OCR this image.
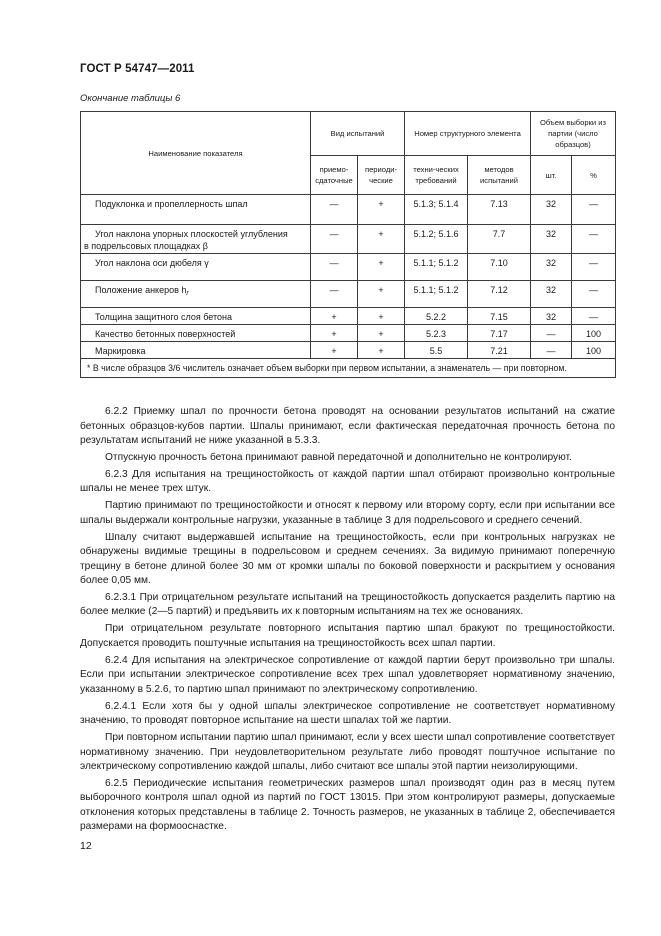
ГОСТ Р 54747—2011
Окончание таблицы 6
Наименование показателя	Вид испытаний		Номер структурного элемента		Объем выборки из партии (число образцов)	
	приемо-сдаточные	периоди-ческие	техни-ческих требований	методов испытаний	шт.	%
Подуклонка и пропеллерность шпал	—	+	5.1.3; 5.1.4	7.13	32	—

Угол наклона упорных плоскостей углубления
в подрельсовых площадках β	—	+	5.1.2; 5.1.6	7.7	32	—
Угол наклона оси дюбеля γ	—	+	5.1.1; 5.1.2	7.10	32	—
Положение анкеров $h_r$	—	+	5.1.1; 5.1.2	7.12	32	—
Толщина защитного слоя бетона	+	+	5.2.2	7.15	32	—
Качество бетонных поверхностей	+	+	5.2.3	7.17	—	100
Маркировка	+	+	5.5	7.21	—	100
* В числе образцов 3/6 числитель означает объем выборки при первом испытании, а знаменатель — при повторном.						

6.2.2 Приемку шпал по прочности бетона проводят на основании результатов испытаний на сжатие бетонных образцов-кубов партии. Шпалы принимают, если фактическая передаточная прочность бетона по результатам испытаний не ниже указанной в 5.3.3.

Отпускную прочность бетона принимают равной передаточной и дополнительно не контролируют.

6.2.3 Для испытания на трещиностойкость от каждой партии шпал отбирают произвольно контрольные шпалы не менее трех штук.

Партию принимают по трещиностойкости и относят к первому или второму сорту, если при испытании все шпалы выдержали контрольные нагрузки, указанные в таблице 3 для подрельсового и среднего сечений.

Шпалу считают выдержавшей испытание на трещиностойкость, если при контрольных нагрузках не обнаружены видимые трещины в подрельсовом и среднем сечениях. За видимую принимают поперечную трещину в бетоне длиной более 30 мм от кромки шпалы по боковой поверхности и раскрытием у основания более 0,05 мм.

6.2.3.1 При отрицательном результате испытаний на трещиностойкость допускается разделить партию на более мелкие (2—5 партий) и предъявить их к повторным испытаниям на тех же основаниях.

При отрицательном результате повторного испытания партию шпал бракуют по трещиностойкости. Допускается проводить поштучные испытания на трещиностойкость всех шпал партии.

6.2.4 Для испытания на электрическое сопротивление от каждой партии берут произвольно три шпалы. Если при испытании электрическое сопротивление всех трех шпал удовлетворяет нормативному значению, указанному в 5.2.6, то партию шпал принимают по электрическому сопротивлению.

6.2.4.1 Если хотя бы у одной шпалы электрическое сопротивление не соответствует нормативному значению, то проводят повторное испытание на шести шпалах той же партии.

При повторном испытании партию шпал принимают, если у всех шести шпал сопротивление соответствует нормативному значению. При неудовлетворительном результате либо проводят поштучное испытание по электрическому сопротивлению каждой шпалы, либо считают все шпалы этой партии неизолирующими.

6.2.5 Периодические испытания геометрических размеров шпал производят один раз в месяц путем выборочного контроля шпал одной из партий по ГОСТ 13015. При этом контролируют размеры, допускаемые отклонения которых представлены в таблице 2. Точность размеров, не указанных в таблице 2, обеспечивается размерами на формооснастке.

12
